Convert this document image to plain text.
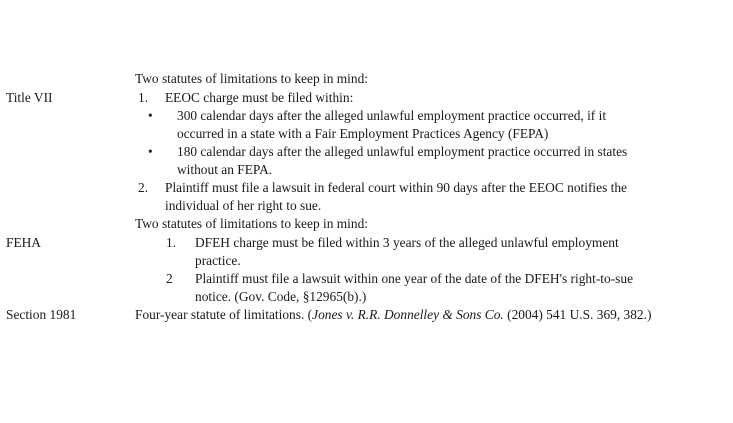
Two statutes of limitations to keep in mind:
Title VII	1. EEOC charge must be filed within:
• 300 calendar days after the alleged unlawful employment practice occurred, if it
occurred in a state with a Fair Employment Practices Agency (FEPA)
• 180 calendar days after the alleged unlawful employment practice occurred in states
without an FEPA.
2. Plaintiff must file a lawsuit in federal court within 90 days after the EEOC notifies the
individual of her right to sue.
Two statutes of limitations to keep in mind:
FEHA	1. DFEH charge must be filed within 3 years of the alleged unlawful employment
practice.
2 Plaintiff must file a lawsuit within one year of the date of the DFEH's right-to-sue
notice. (Gov. Code, §12965(b).)
Section 1981	Four-year statute of limitations. (Jones v. R.R. Donnelley & Sons Co. (2004) 541 U.S. 369, 382.)
